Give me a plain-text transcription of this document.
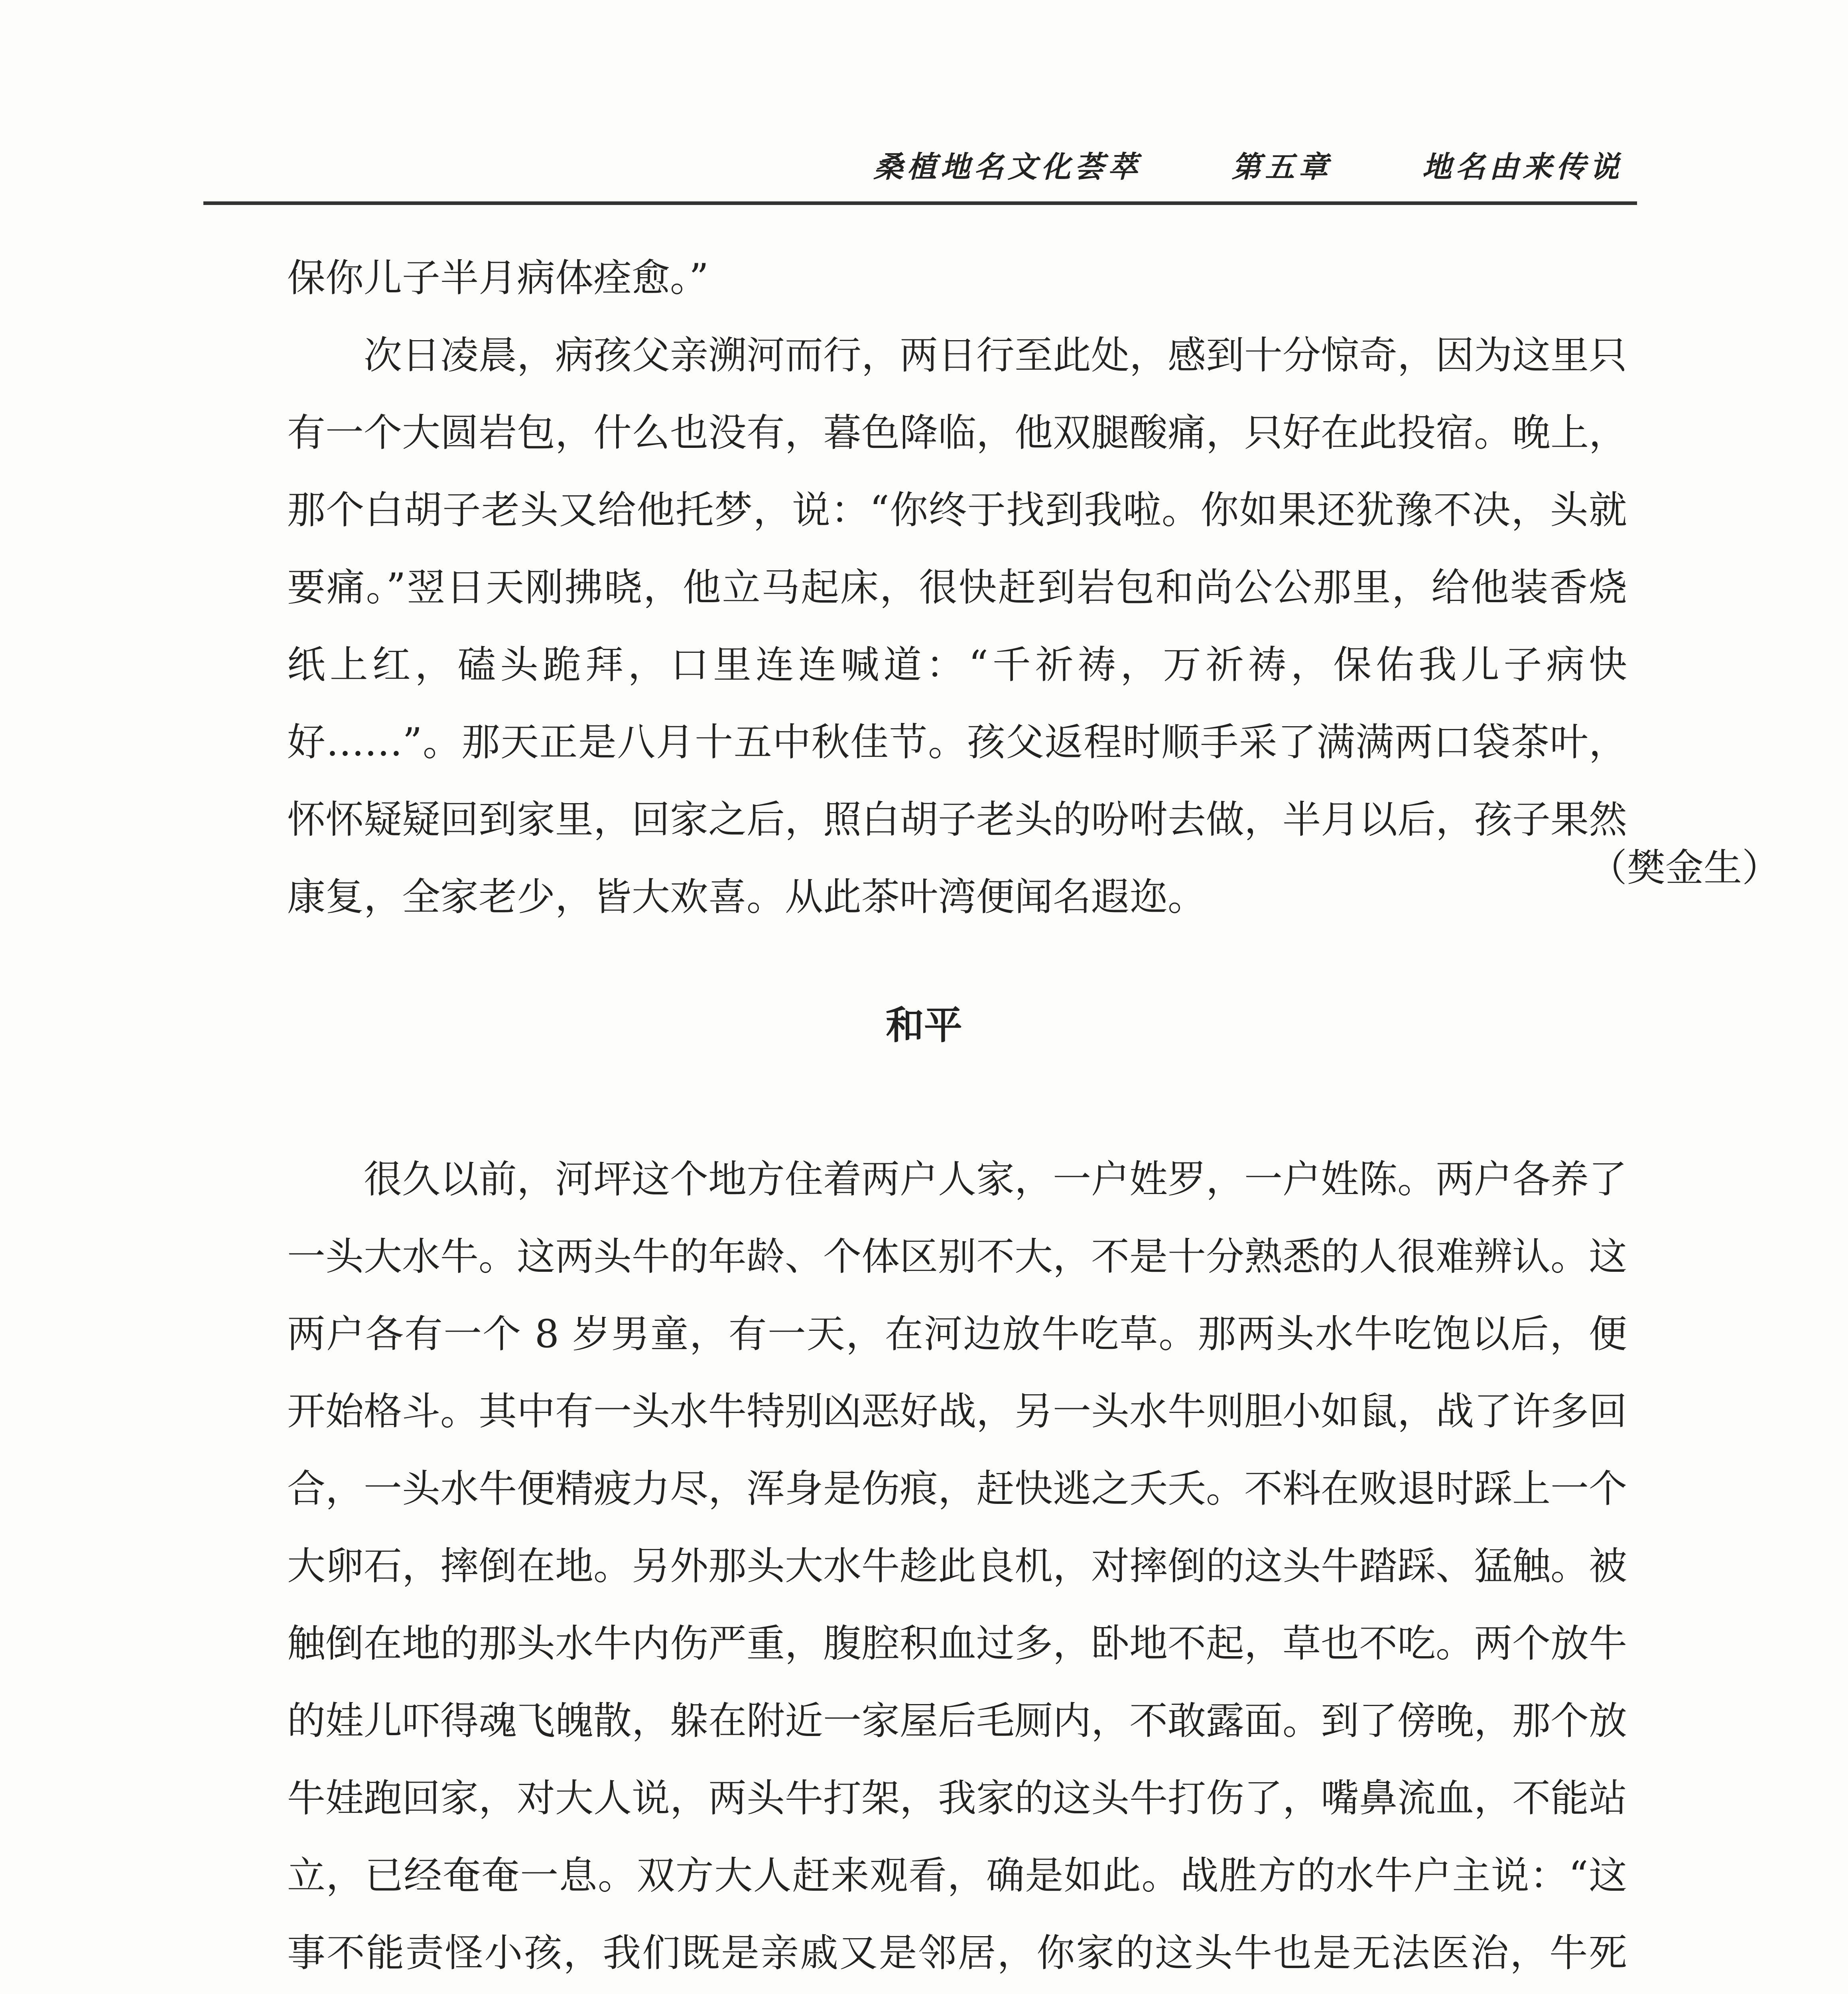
桑植地名文化荟萃	第五章	地名由来传说

保你儿子半月病体痊愈。”

次日凌晨，病孩父亲溯河而行，两日行至此处，感到十分惊奇，因为这里只有一个大圆岩包，什么也没有，暮色降临，他双腿酸痛，只好在此投宿。晚上，那个白胡子老头又给他托梦，说：“你终于找到我啦。你如果还犹豫不决，头就要痛。”翌日天刚拂晓，他立马起床，很快赶到岩包和尚公公那里，给他装香烧纸上红，磕头跪拜，口里连连喊道：“千祈祷，万祈祷，保佑我儿子病快好……”。那天正是八月十五中秋佳节。孩父返程时顺手采了满满两口袋茶叶，怀怀疑疑回到家里，回家之后，照白胡子老头的吩咐去做，半月以后，孩子果然康复，全家老少，皆大欢喜。从此茶叶湾便闻名遐迩。

（樊金生）
和平

很久以前，河坪这个地方住着两户人家，一户姓罗，一户姓陈。两户各养了一头大水牛。这两头牛的年龄、个体区别不大，不是十分熟悉的人很难辨认。这两户各有一个 8 岁男童，有一天，在河边放牛吃草。那两头水牛吃饱以后，便开始格斗。其中有一头水牛特别凶恶好战，另一头水牛则胆小如鼠，战了许多回合，一头水牛便精疲力尽，浑身是伤痕，赶快逃之夭夭。不料在败退时踩上一个大卵石，摔倒在地。另外那头大水牛趁此良机，对摔倒的这头牛踏踩、猛触。被触倒在地的那头水牛内伤严重，腹腔积血过多，卧地不起，草也不吃。两个放牛的娃儿吓得魂飞魄散，躲在附近一家屋后毛厕内，不敢露面。到了傍晚，那个放牛娃跑回家，对大人说，两头牛打架，我家的这头牛打伤了，嘴鼻流血，不能站立，已经奄奄一息。双方大人赶来观看，确是如此。战胜方的水牛户主说：“这事不能责怪小孩，我们既是亲戚又是邻居，你家的这头牛也是无法医治，牛死
